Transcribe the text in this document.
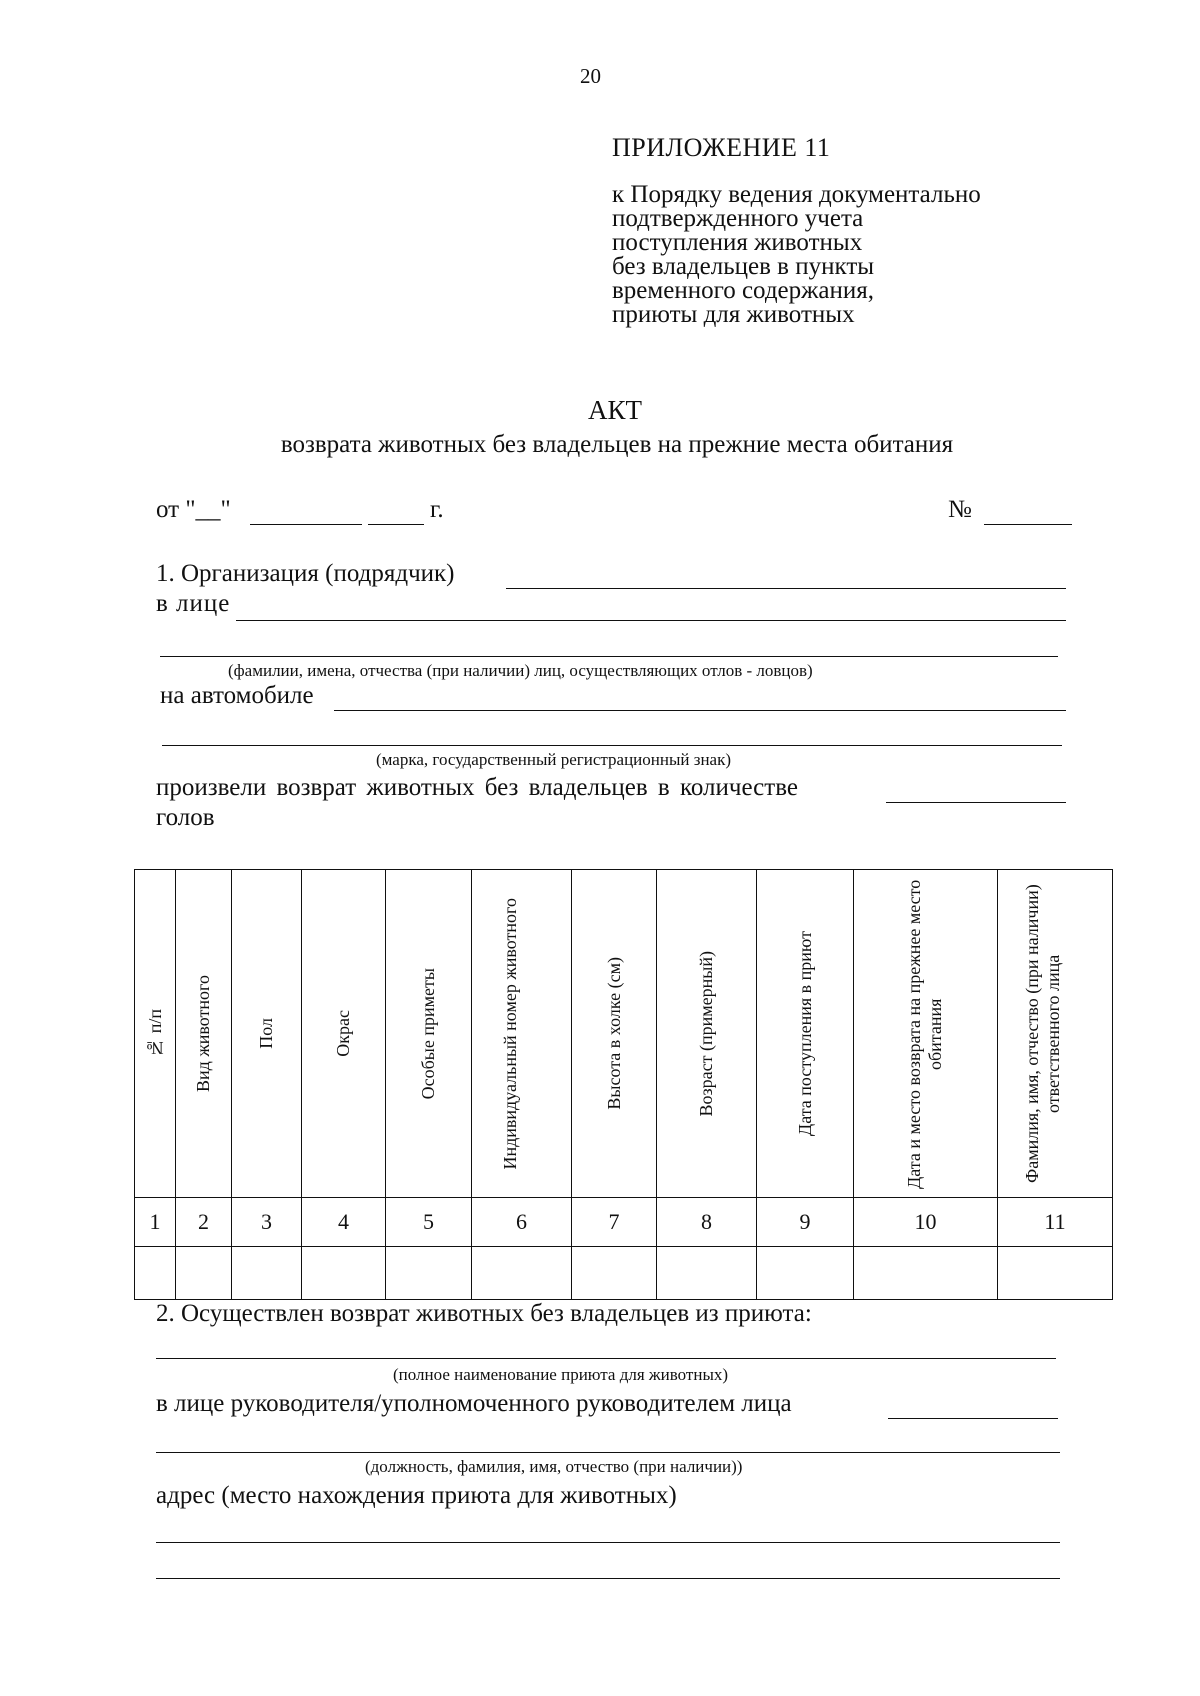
20
ПРИЛОЖЕНИЕ 11
к Порядку ведения документально
подтвержденного учета
поступления животных
без владельцев в пункты
временного содержания,
приюты для животных
АКТ
возврата животных без владельцев на прежние места обитания
от "__"	г.	№
1. Организация (подрядчик)
в лице
(фамилии, имена, отчества (при наличии) лиц, осуществляющих отлов - ловцов)
на автомобиле
(марка, государственный регистрационный знак)
произвели возврат животных без владельцев в количестве
голов
№ п/п	Вид животного	Пол	Окрас	Особые приметы	Индивидуальный номер животного	Высота в холке (см)	Возраст (примерный)	Дата поступления в приют	Дата и место возврата на прежнее место обитания	Фамилия, имя, отчество (при наличии) ответственного лица

1	2	3	4	5	6	7	8	9	10	11

2. Осуществлен возврат животных без владельцев из приюта:
(полное наименование приюта для животных)
в лице руководителя/уполномоченного руководителем лица
(должность, фамилия, имя, отчество (при наличии))
адрес (место нахождения приюта для животных)
